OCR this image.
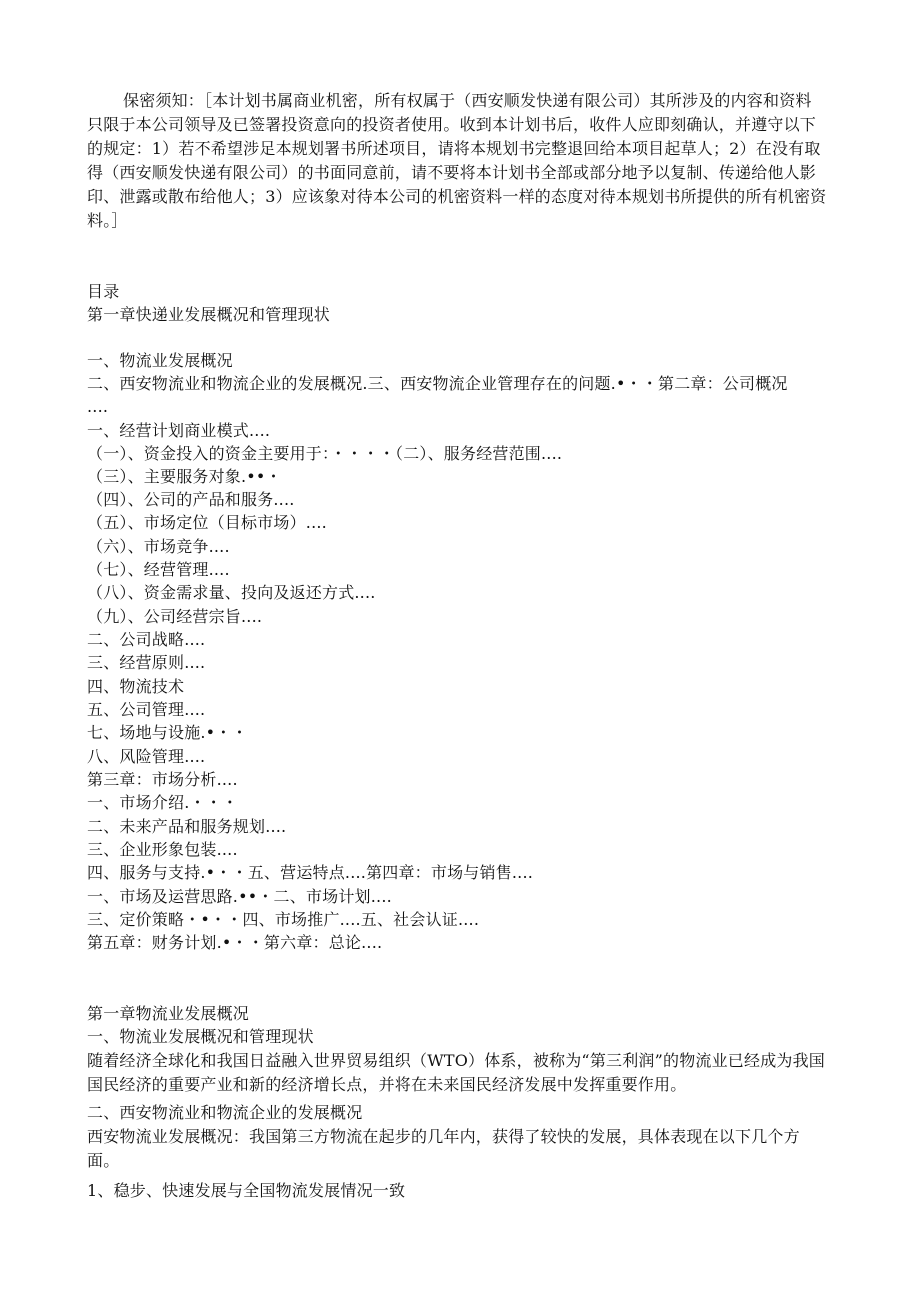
保密须知：［本计划书属商业机密，所有权属于（西安顺发快递有限公司）其所涉及的内容和资料只限于本公司领导及已签署投资意向的投资者使用。收到本计划书后，收件人应即刻确认，并遵守以下的规定：1）若不希望涉足本规划署书所述项目，请将本规划书完整退回给本项目起草人；2）在没有取得（西安顺发快递有限公司）的书面同意前，请不要将本计划书全部或部分地予以复制、传递给他人影印、泄露或散布给他人；3）应该象对待本公司的机密资料一样的态度对待本规划书所提供的所有机密资料。］
目录
第一章快递业发展概况和管理现状
一、物流业发展概况
二、西安物流业和物流企业的发展概况.三、西安物流企业管理存在的问题.•・・第二章：公司概况
....
一、经营计划商业模式....
（一）、资金投入的资金主要用于：・・・・（二）、服务经营范围....
（三）、主要服务对象.••・
（四）、公司的产品和服务....
（五）、市场定位（目标市场）....
（六）、市场竞争....
（七）、经营管理....
（八）、资金需求量、投向及返还方式....
（九）、公司经营宗旨....
二、公司战略....
三、经营原则....
四、物流技术
五、公司管理....
七、场地与设施.•・・
八、风险管理....
第三章：市场分析....
一、市场介绍.・・・
二、未来产品和服务规划....
三、企业形象包装....
四、服务与支持.•・・五、营运特点....第四章：市场与销售....
一、市场及运营思路.••・二、市场计划....
三、定价策略・•・・四、市场推广....五、社会认证....
第五章：财务计划.•・・第六章：总论....
第一章物流业发展概况
一、物流业发展概况和管理现状
随着经济全球化和我国日益融入世界贸易组织（WTO）体系，被称为“第三利润”的物流业已经成为我国国民经济的重要产业和新的经济增长点，并将在未来国民经济发展中发挥重要作用。
二、西安物流业和物流企业的发展概况
西安物流业发展概况：我国第三方物流在起步的几年内，获得了较快的发展，具体表现在以下几个方面。
1、稳步、快速发展与全国物流发展情况一致
